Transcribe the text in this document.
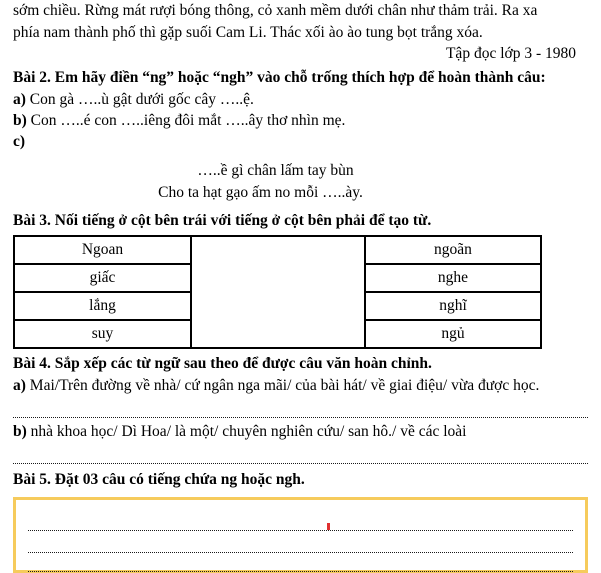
sớm chiều. Rừng mát rượi bóng thông, cỏ xanh mềm dưới chân như thảm trải. Ra xa

phía nam thành phố thì gặp suối Cam Li. Thác xối ào ào tung bọt trắng xóa.

Tập đọc lớp 3 - 1980

Bài 2. Em hãy điền “ng” hoặc “ngh” vào chỗ trống thích hợp để hoàn thành câu:

a) Con gà …..ù gật dưới gốc cây …..ệ.

b) Con …..é con …..iêng đôi mắt …..ây thơ nhìn mẹ.

c)

…..ề gì chân lấm tay bùn

Cho ta hạt gạo ấm no mỗi …..ày.

Bài 3. Nối tiếng ở cột bên trái với tiếng ở cột bên phải để tạo từ.

Ngoan		ngoãn
giấc		nghe
lắng		nghĩ
suy		ngủ

Bài 4. Sắp xếp các từ ngữ sau theo để được câu văn hoàn chỉnh.

a) Mai/Trên đường về nhà/ cứ ngân nga mãi/ của bài hát/ về giai điệu/ vừa được học.

b) nhà khoa học/ Dì Hoa/ là một/ chuyên nghiên cứu/ san hô./ về các loài

Bài 5. Đặt 03 câu có tiếng chứa ng hoặc ngh.
